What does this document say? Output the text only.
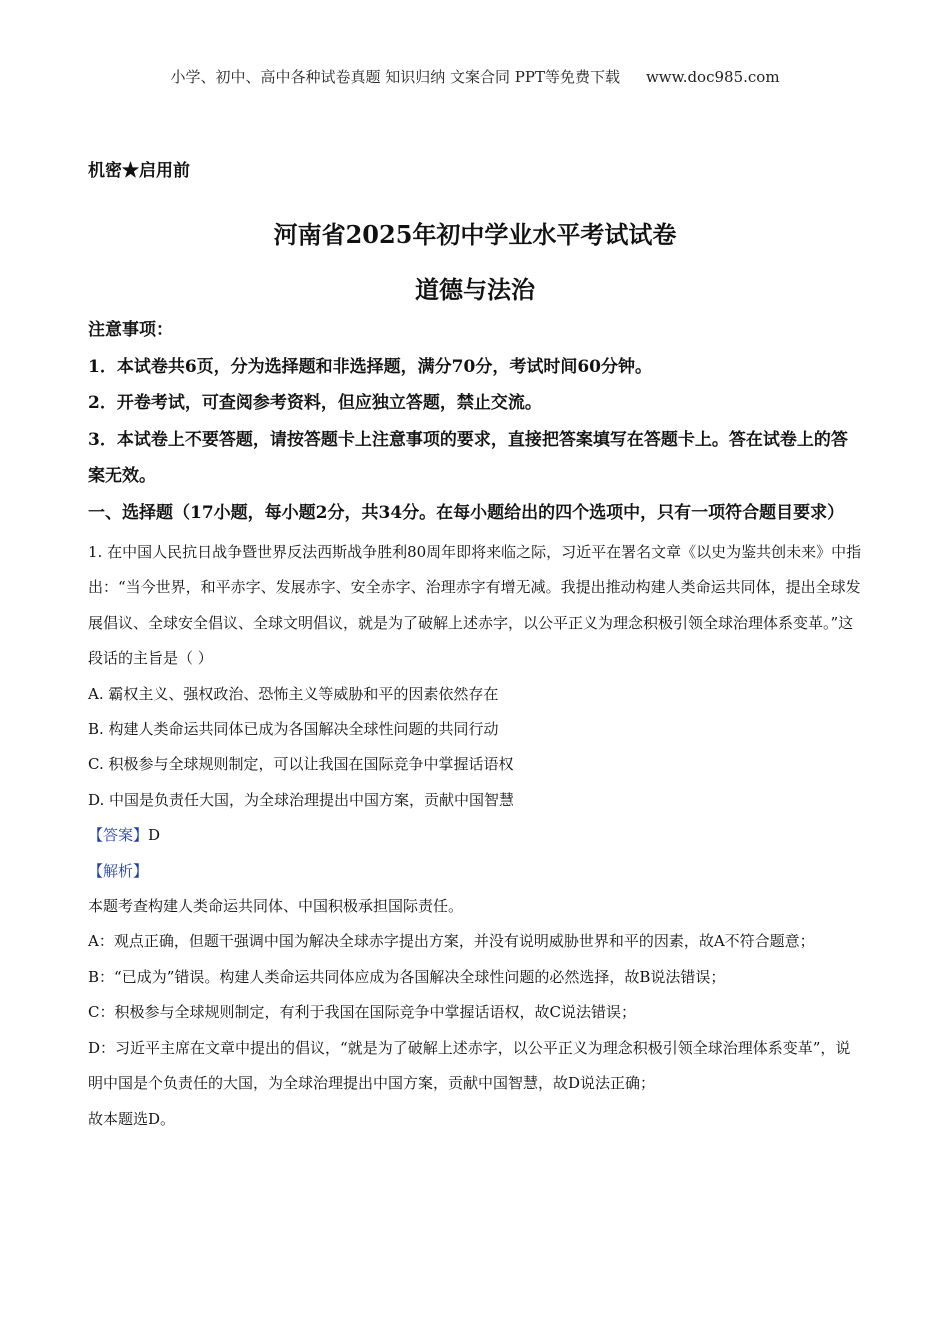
小学、初中、高中各种试卷真题 知识归纳 文案合同 PPT等免费下载 www.doc985.com
机密★启用前
河南省2025年初中学业水平考试试卷
道德与法治

注意事项：

1．本试卷共6页，分为选择题和非选择题，满分70分，考试时间60分钟。

2．开卷考试，可查阅参考资料，但应独立答题，禁止交流。

3．本试卷上不要答题，请按答题卡上注意事项的要求，直接把答案填写在答题卡上。答在试卷上的答案无效。

一、选择题（17小题，每小题2分，共34分。在每小题给出的四个选项中，只有一项符合题目要求）

1. 在中国人民抗日战争暨世界反法西斯战争胜利80周年即将来临之际，习近平在署名文章《以史为鉴共创未来》中指出：“当今世界，和平赤字、发展赤字、安全赤字、治理赤字有增无减。我提出推动构建人类命运共同体，提出全球发展倡议、全球安全倡议、全球文明倡议，就是为了破解上述赤字，以公平正义为理念积极引领全球治理体系变革。”这段话的主旨是（ ）

A. 霸权主义、强权政治、恐怖主义等威胁和平的因素依然存在

B. 构建人类命运共同体已成为各国解决全球性问题的共同行动

C. 积极参与全球规则制定，可以让我国在国际竞争中掌握话语权

D. 中国是负责任大国，为全球治理提出中国方案，贡献中国智慧

【答案】D

【解析】

本题考查构建人类命运共同体、中国积极承担国际责任。

A：观点正确，但题干强调中国为解决全球赤字提出方案，并没有说明威胁世界和平的因素，故A不符合题意；

B：“已成为”错误。构建人类命运共同体应成为各国解决全球性问题的必然选择，故B说法错误；

C：积极参与全球规则制定，有利于我国在国际竞争中掌握话语权，故C说法错误；

D：习近平主席在文章中提出的倡议，“就是为了破解上述赤字，以公平正义为理念积极引领全球治理体系变革”，说明中国是个负责任的大国，为全球治理提出中国方案，贡献中国智慧，故D说法正确；

故本题选D。
